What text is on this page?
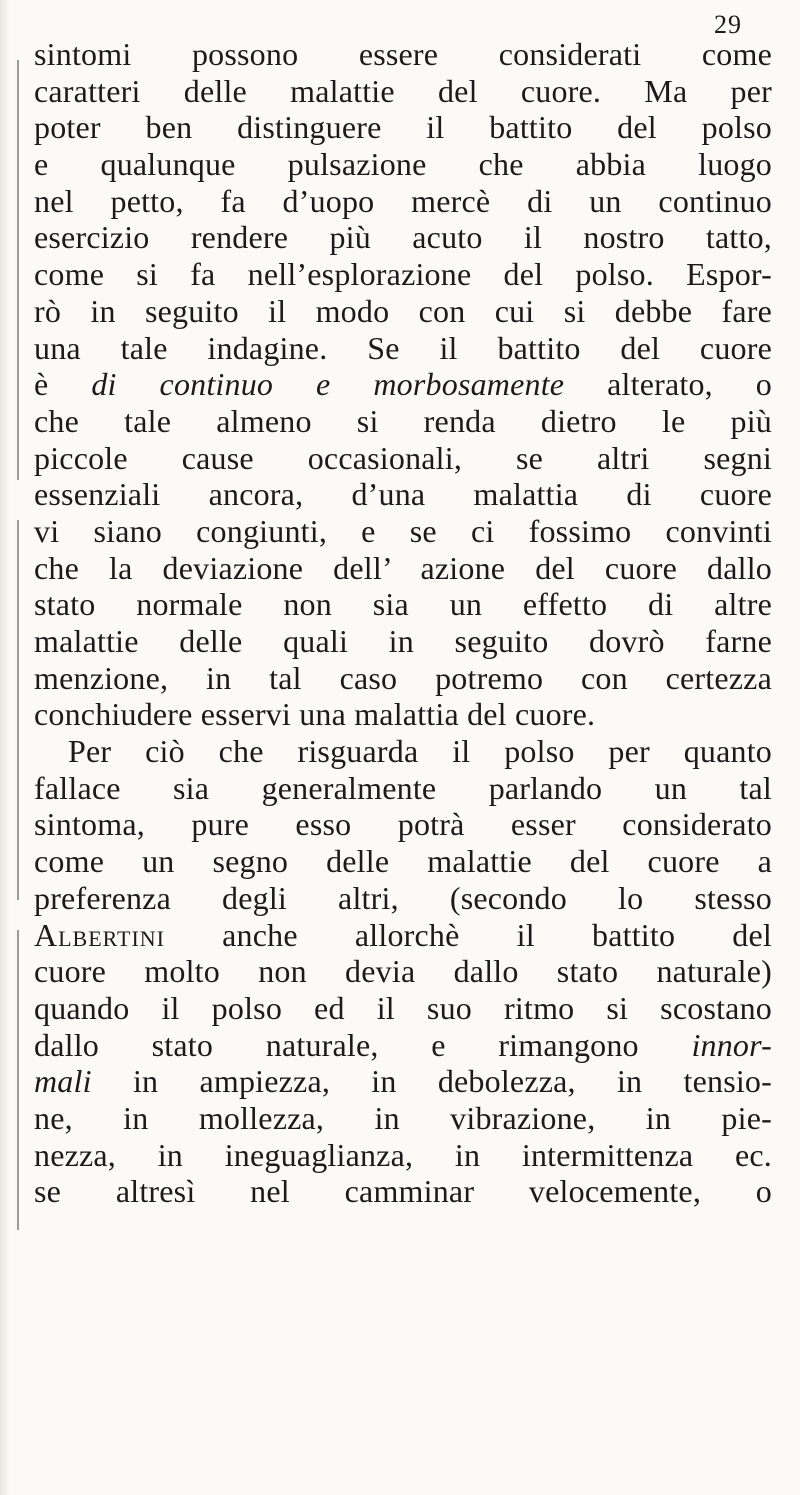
29
sintomi possono essere considerati come
caratteri delle malattie del cuore. Ma per
poter ben distinguere il battito del polso
e qualunque pulsazione che abbia luogo
nel petto, fa d’uopo mercè di un continuo
esercizio rendere più acuto il nostro tatto,
come si fa nell’esplorazione del polso. Espor-
rò in seguito il modo con cui si debbe fare
una tale indagine. Se il battito del cuore
è di continuo e morbosamente alterato, o
che tale almeno si renda dietro le più
piccole cause occasionali, se altri segni
essenziali ancora, d’una malattia di cuore
vi siano congiunti, e se ci fossimo convinti
che la deviazione dell’ azione del cuore dallo
stato normale non sia un effetto di altre
malattie delle quali in seguito dovrò farne
menzione, in tal caso potremo con certezza
conchiudere esservi una malattia del cuore.
Per ciò che risguarda il polso per quanto
fallace sia generalmente parlando un tal
sintoma, pure esso potrà esser considerato
come un segno delle malattie del cuore a
preferenza degli altri, (secondo lo stesso
Albertini anche allorchè il battito del
cuore molto non devia dallo stato naturale)
quando il polso ed il suo ritmo si scostano
dallo stato naturale, e rimangono innor-
mali in ampiezza, in debolezza, in tensio-
ne, in mollezza, in vibrazione, in pie-
nezza, in ineguaglianza, in intermittenza ec.
se altresì nel camminar velocemente, o
